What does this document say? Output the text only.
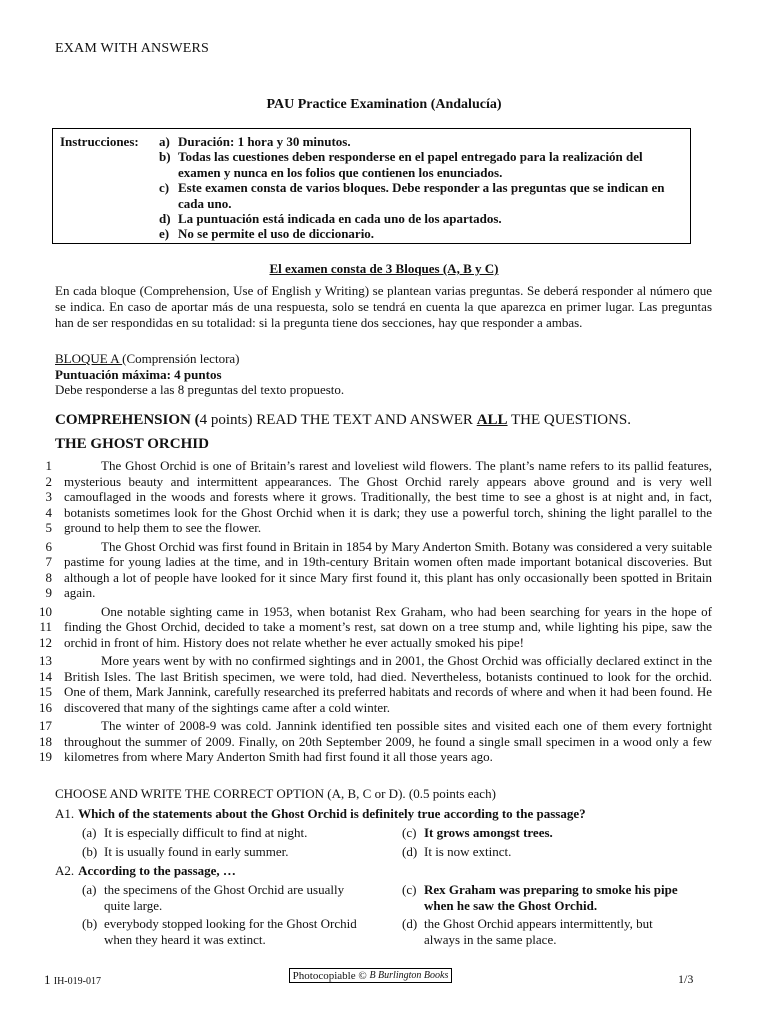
EXAM WITH ANSWERS
PAU Practice Examination (Andalucía)
Instrucciones: a) Duración: 1 hora y 30 minutos.
b) Todas las cuestiones deben responderse en el papel entregado para la realización del examen y nunca en los folios que contienen los enunciados.
c) Este examen consta de varios bloques. Debe responder a las preguntas que se indican en cada uno.
d) La puntuación está indicada en cada uno de los apartados.
e) No se permite el uso de diccionario.
El examen consta de 3 Bloques (A, B y C)
En cada bloque (Comprehension, Use of English y Writing) se plantean varias preguntas. Se deberá responder al número que se indica. En caso de aportar más de una respuesta, solo se tendrá en cuenta la que aparezca en primer lugar. Las preguntas han de ser respondidas en su totalidad: si la pregunta tiene dos secciones, hay que responder a ambas.
BLOQUE A (Comprensión lectora)
Puntuación máxima: 4 puntos
Debe responderse a las 8 preguntas del texto propuesto.
COMPREHENSION (4 points) READ THE TEXT AND ANSWER ALL THE QUESTIONS.
THE GHOST ORCHID
1
2
3
4
5
The Ghost Orchid is one of Britain’s rarest and loveliest wild flowers. The plant’s name refers to its pallid features, mysterious beauty and intermittent appearances. The Ghost Orchid rarely appears above ground and is very well camouflaged in the woods and forests where it grows. Traditionally, the best time to see a ghost is at night and, in fact, botanists sometimes look for the Ghost Orchid when it is dark; they use a powerful torch, shining the light parallel to the ground to help them to see the flower.
6
7
8
9
The Ghost Orchid was first found in Britain in 1854 by Mary Anderton Smith. Botany was considered a very suitable pastime for young ladies at the time, and in 19th-century Britain women often made important botanical discoveries. But although a lot of people have looked for it since Mary first found it, this plant has only occasionally been spotted in Britain again.
10
11
12
One notable sighting came in 1953, when botanist Rex Graham, who had been searching for years in the hope of finding the Ghost Orchid, decided to take a moment’s rest, sat down on a tree stump and, while lighting his pipe, saw the orchid in front of him. History does not relate whether he ever actually smoked his pipe!
13
14
15
16
More years went by with no confirmed sightings and in 2001, the Ghost Orchid was officially declared extinct in the British Isles. The last British specimen, we were told, had died. Nevertheless, botanists continued to look for the orchid. One of them, Mark Jannink, carefully researched its preferred habitats and records of where and when it had been found. He discovered that many of the sightings came after a cold winter.
17
18
19
The winter of 2008-9 was cold. Jannink identified ten possible sites and visited each one of them every fortnight throughout the summer of 2009. Finally, on 20th September 2009, he found a single small specimen in a wood only a few kilometres from where Mary Anderton Smith had first found it all those years ago.
CHOOSE AND WRITE THE CORRECT OPTION (A, B, C or D). (0.5 points each)
A1. Which of the statements about the Ghost Orchid is definitely true according to the passage?
(a) It is especially difficult to find at night.
(b) It is usually found in early summer.
(c) It grows amongst trees.
(d) It is now extinct.
A2. According to the passage, …
(a) the specimens of the Ghost Orchid are usually quite large.
(b) everybody stopped looking for the Ghost Orchid when they heard it was extinct.
(c) Rex Graham was preparing to smoke his pipe when he saw the Ghost Orchid.
(d) the Ghost Orchid appears intermittently, but always in the same place.
1 IH-019-017	Photocopiable ©
B Burlington Books	1/3
